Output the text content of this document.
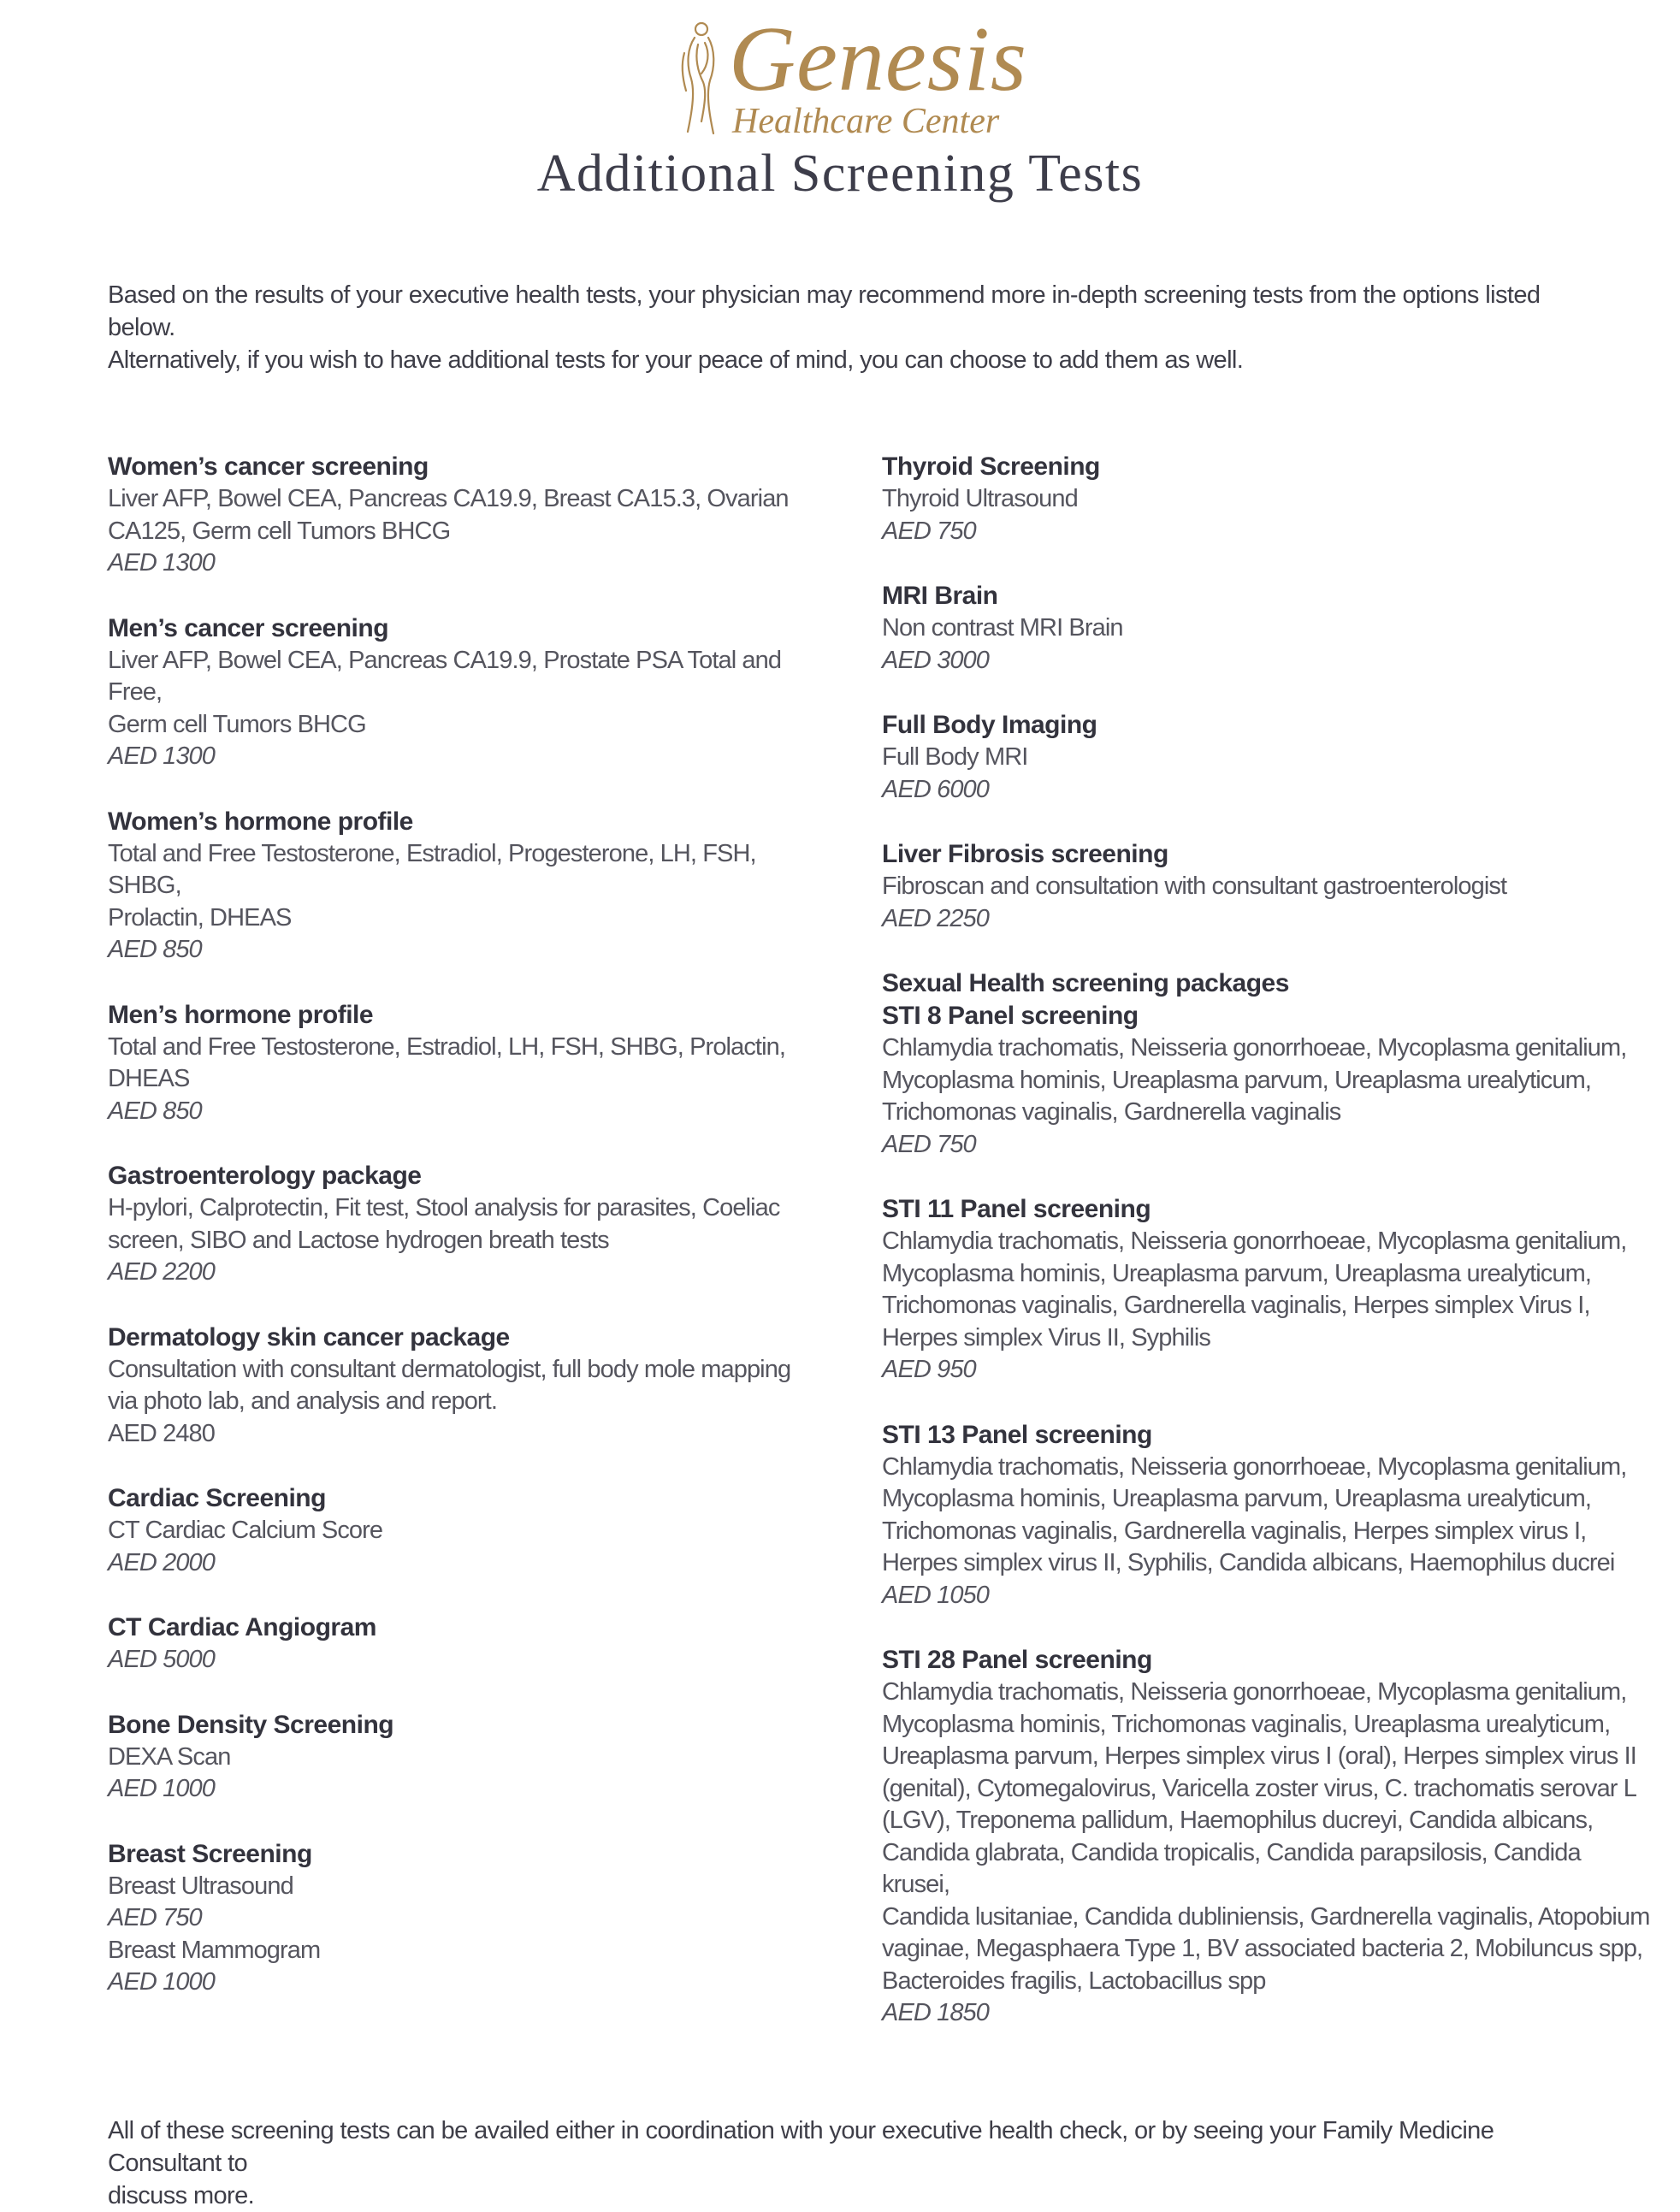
Genesis
Healthcare Center
Additional Screening Tests

Based on the results of your executive health tests, your physician may recommend more in-depth screening tests from the options listed below.
Alternatively, if you wish to have additional tests for your peace of mind, you can choose to add them as well.

Women’s cancer screening
Liver AFP, Bowel CEA, Pancreas CA19.9, Breast CA15.3, Ovarian
CA125, Germ cell Tumors BHCG
AED 1300
Men’s cancer screening
Liver AFP, Bowel CEA, Pancreas CA19.9, Prostate PSA Total and Free,
Germ cell Tumors BHCG
AED 1300
Women’s hormone profile
Total and Free Testosterone, Estradiol, Progesterone, LH, FSH, SHBG,
Prolactin, DHEAS
AED 850
Men’s hormone profile
Total and Free Testosterone, Estradiol, LH, FSH, SHBG, Prolactin,
DHEAS
AED 850
Gastroenterology package
H-pylori, Calprotectin, Fit test, Stool analysis for parasites, Coeliac
screen, SIBO and Lactose hydrogen breath tests
AED 2200
Dermatology skin cancer package
Consultation with consultant dermatologist, full body mole mapping
via photo lab, and analysis and report.
AED 2480
Cardiac Screening
CT Cardiac Calcium Score
AED 2000
CT Cardiac Angiogram
AED 5000
Bone Density Screening
DEXA Scan
AED 1000
Breast Screening
Breast Ultrasound
AED 750
Breast Mammogram
AED 1000
Thyroid Screening
Thyroid Ultrasound
AED 750
MRI Brain
Non contrast MRI Brain
AED 3000
Full Body Imaging
Full Body MRI
AED 6000
Liver Fibrosis screening
Fibroscan and consultation with consultant gastroenterologist
AED 2250
Sexual Health screening packages
STI 8 Panel screening
Chlamydia trachomatis, Neisseria gonorrhoeae, Mycoplasma genitalium,
Mycoplasma hominis, Ureaplasma parvum, Ureaplasma urealyticum,
Trichomonas vaginalis, Gardnerella vaginalis
AED 750
STI 11 Panel screening
Chlamydia trachomatis, Neisseria gonorrhoeae, Mycoplasma genitalium,
Mycoplasma hominis, Ureaplasma parvum, Ureaplasma urealyticum,
Trichomonas vaginalis, Gardnerella vaginalis, Herpes simplex Virus I,
Herpes simplex Virus II, Syphilis
AED 950
STI 13 Panel screening
Chlamydia trachomatis, Neisseria gonorrhoeae, Mycoplasma genitalium,
Mycoplasma hominis, Ureaplasma parvum, Ureaplasma urealyticum,
Trichomonas vaginalis, Gardnerella vaginalis, Herpes simplex virus I,
Herpes simplex virus II, Syphilis, Candida albicans, Haemophilus ducrei
AED 1050
STI 28 Panel screening
Chlamydia trachomatis, Neisseria gonorrhoeae, Mycoplasma genitalium,
Mycoplasma hominis, Trichomonas vaginalis, Ureaplasma urealyticum,
Ureaplasma parvum, Herpes simplex virus I (oral), Herpes simplex virus II
(genital), Cytomegalovirus, Varicella zoster virus, C. trachomatis serovar L
(LGV), Treponema pallidum, Haemophilus ducreyi, Candida albicans,
Candida glabrata, Candida tropicalis, Candida parapsilosis, Candida krusei,
Candida lusitaniae, Candida dubliniensis, Gardnerella vaginalis, Atopobium
vaginae, Megasphaera Type 1, BV associated bacteria 2, Mobiluncus spp,
Bacteroides fragilis, Lactobacillus spp
AED 1850

All of these screening tests can be availed either in coordination with your executive health check, or by seeing your Family Medicine Consultant to
discuss more.
